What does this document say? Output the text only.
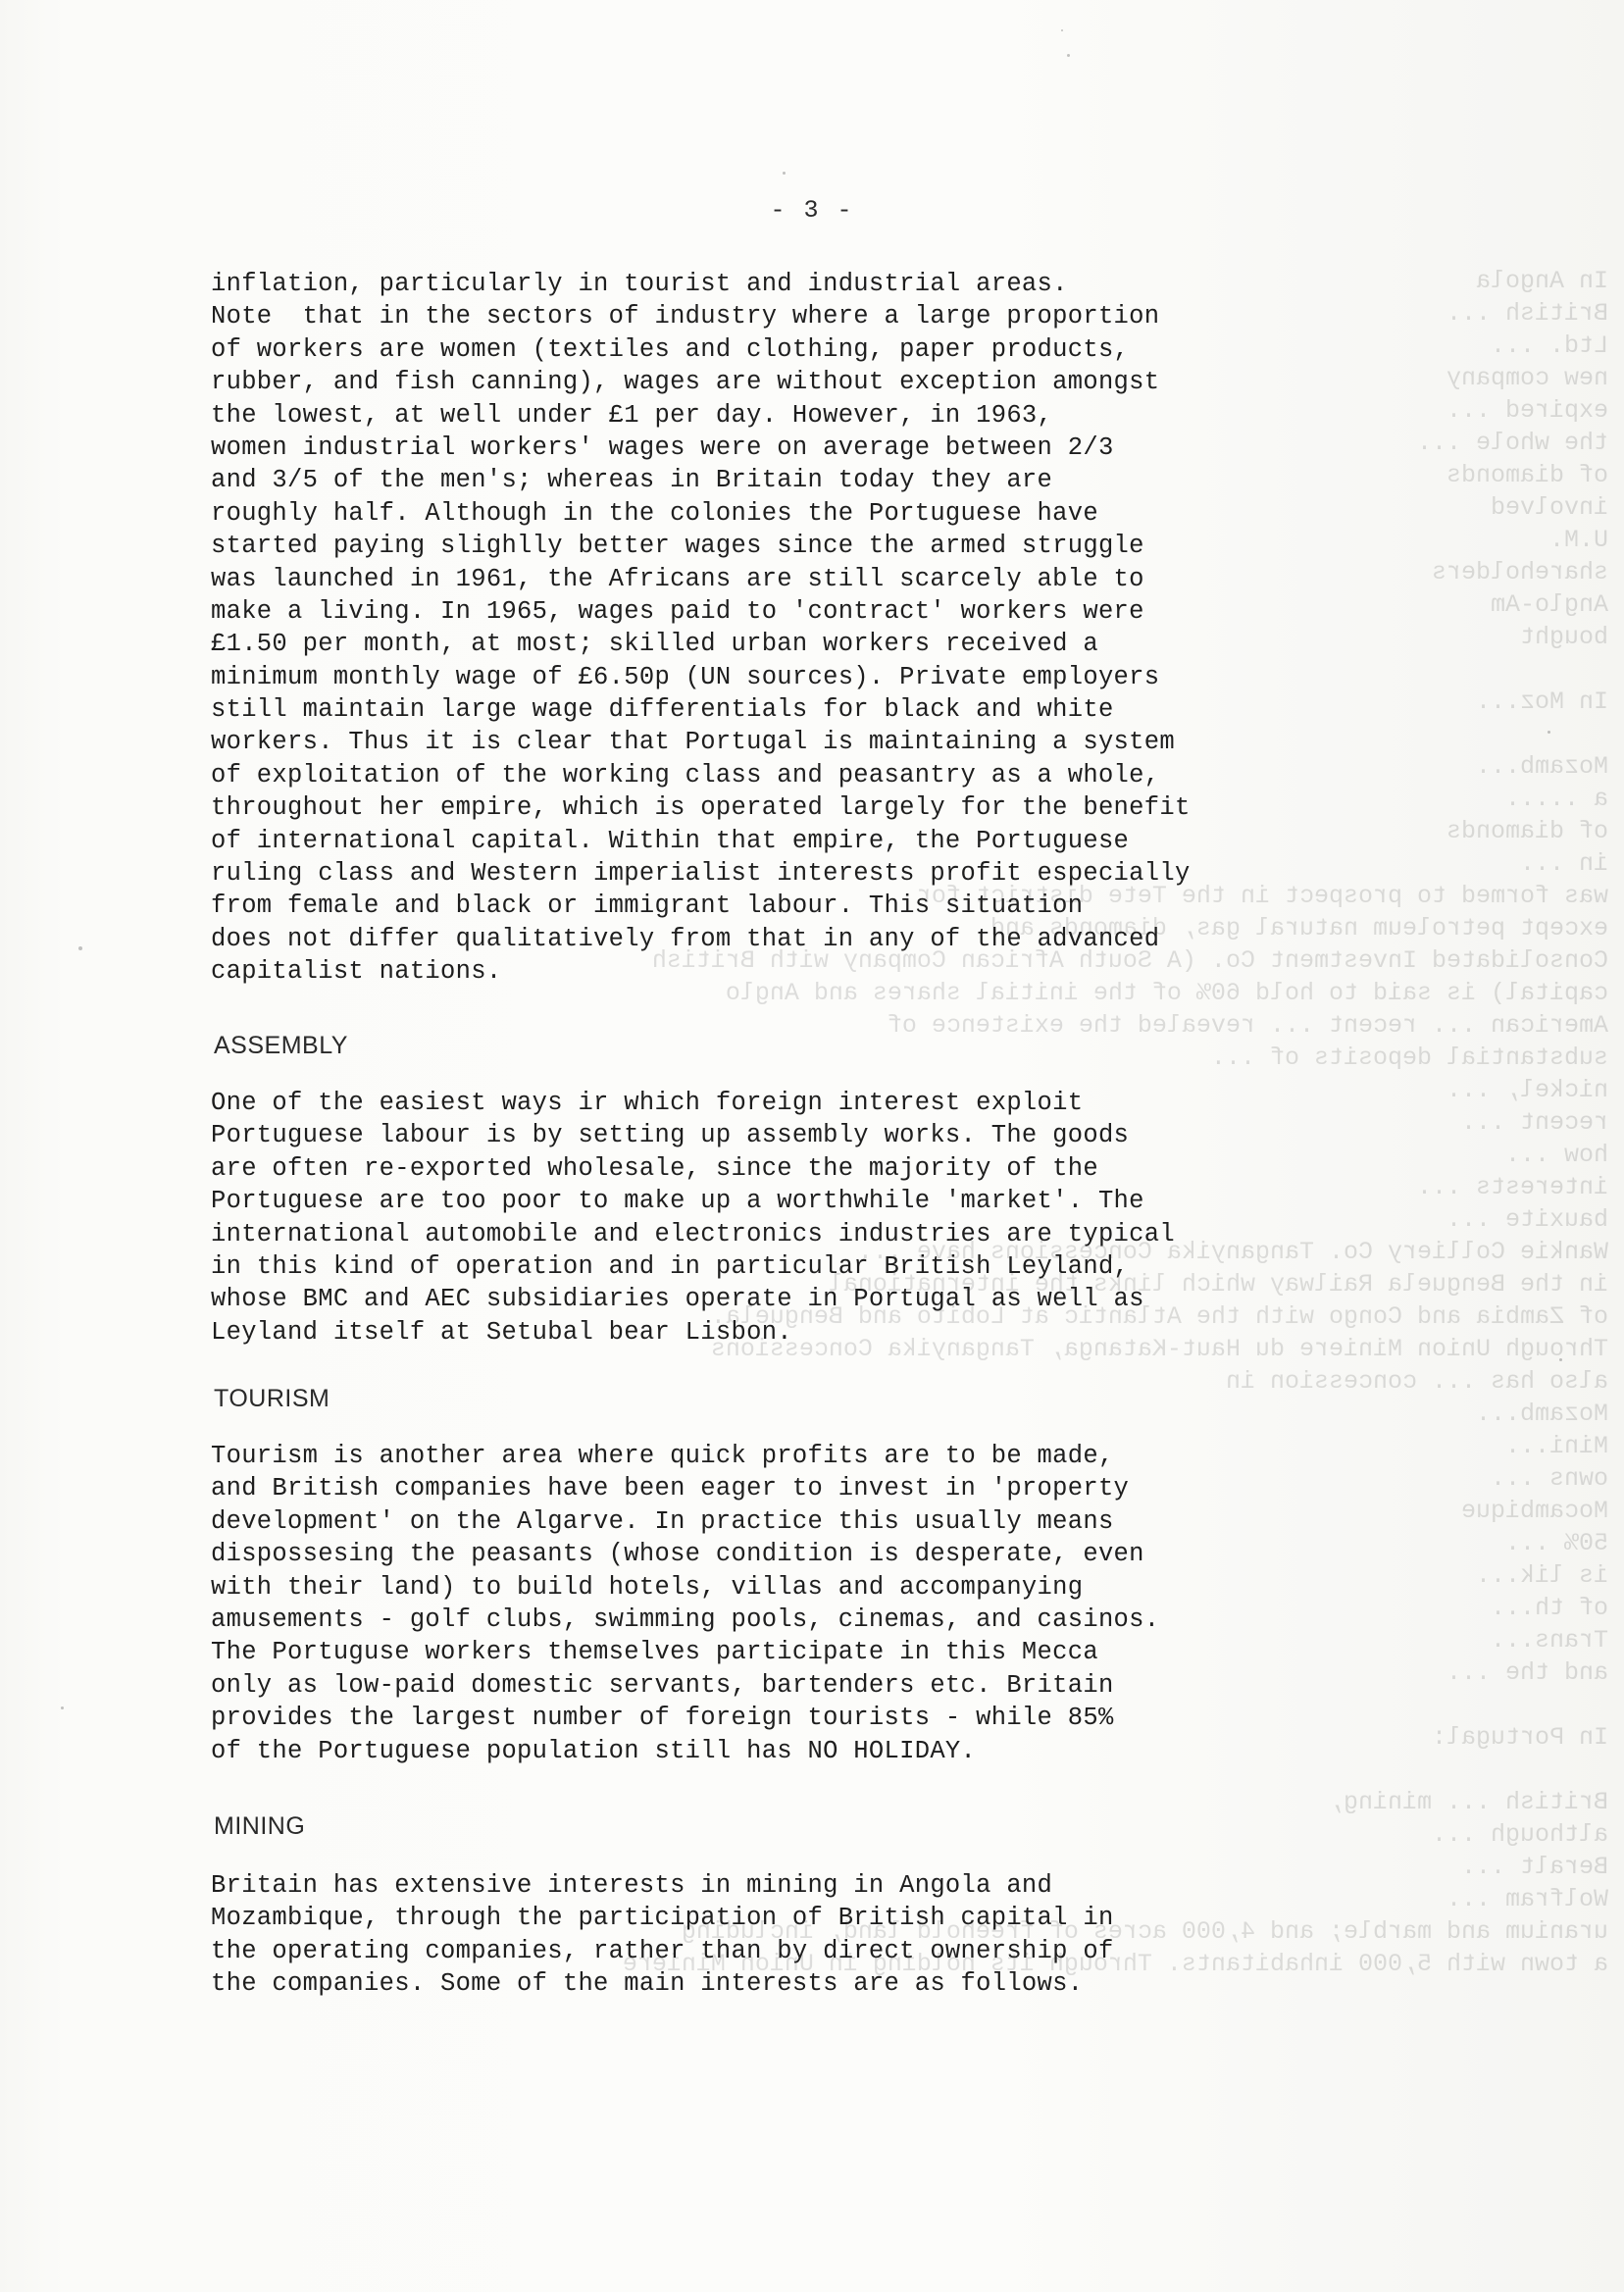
In Angola

British ...

Ltd. ...

new company

expired ...

the whole ...

of diamonds

involved

U.M.

shareholders

Anglo-Am

bought

In Moz...

Mozamb...

a .....

of diamonds

in ...

was formed to prospect in the Tete district for

except petroleum natural gas, diamonds and

Consolidated Investment Co. (A South African Company with British

capital) is said to hold 60% of the initial shares and Anglo

American ... recent ... revealed the existence of

substantial deposits of ...

nickel, ...

recent ...

how ...

interests ...

bauxite ...

Wankie Colliery Co. Tanganyika Concessions have ...

in the Benguela Railway which links the international

of Zambia and Congo with the Atlantic at Lobito and Benguela.

Through Union Miniere du Haut-Katanga, Tanganyika Concessions

also has ... concession in

Mozamb...

Mini...

owns ...

Mocambique

50% ...

is lik...

of th...

Trans...

and the ...

In Portugal:

British ... mining,

although ...

Beralt ...

Wolfram ...

uranium and marble; and 4,000 acres of freehold land, including

a town with 5,000 inhabitants. Through its holding in Union Miniere

- 3 -
inflation, particularly in tourist and industrial areas.
Note  that in the sectors of industry where a large proportion
of workers are women (textiles and clothing, paper products,
rubber, and fish canning), wages are without exception amongst
the lowest, at well under £1 per day. However, in 1963,
women industrial workers' wages were on average between 2/3
and 3/5 of the men's; whereas in Britain today they are
roughly half. Although in the colonies the Portuguese have
started paying slighlly better wages since the armed struggle
was launched in 1961, the Africans are still scarcely able to
make a living. In 1965, wages paid to 'contract' workers were
£1.50 per month, at most; skilled urban workers received a
minimum monthly wage of £6.50p (UN sources). Private employers
still maintain large wage differentials for black and white
workers. Thus it is clear that Portugal is maintaining a system
of exploitation of the working class and peasantry as a whole,
throughout her empire, which is operated largely for the benefit
of international capital. Within that empire, the Portuguese
ruling class and Western imperialist interests profit especially
from female and black or immigrant labour. This situation
does not differ qualitatively from that in any of the advanced
capitalist nations.
ASSEMBLY
One of the easiest ways ir which foreign interest exploit
Portuguese labour is by setting up assembly works. The goods
are often re-exported wholesale, since the majority of the
Portuguese are too poor to make up a worthwhile 'market'. The
international automobile and electronics industries are typical
in this kind of operation and in particular British Leyland,
whose BMC and AEC subsidiaries operate in Portugal as well as
Leyland itself at Setubal bear Lisbon.
TOURISM
Tourism is another area where quick profits are to be made,
and British companies have been eager to invest in 'property
development' on the Algarve. In practice this usually means
dispossesing the peasants (whose condition is desperate, even
with their land) to build hotels, villas and accompanying
amusements - golf clubs, swimming pools, cinemas, and casinos.
The Portuguse workers themselves participate in this Mecca
only as low-paid domestic servants, bartenders etc. Britain
provides the largest number of foreign tourists - while 85%
of the Portuguese population still has NO HOLIDAY.
MINING
Britain has extensive interests in mining in Angola and
Mozambique, through the participation of British capital in
the operating companies, rather than by direct ownership of
the companies. Some of the main interests are as follows.
